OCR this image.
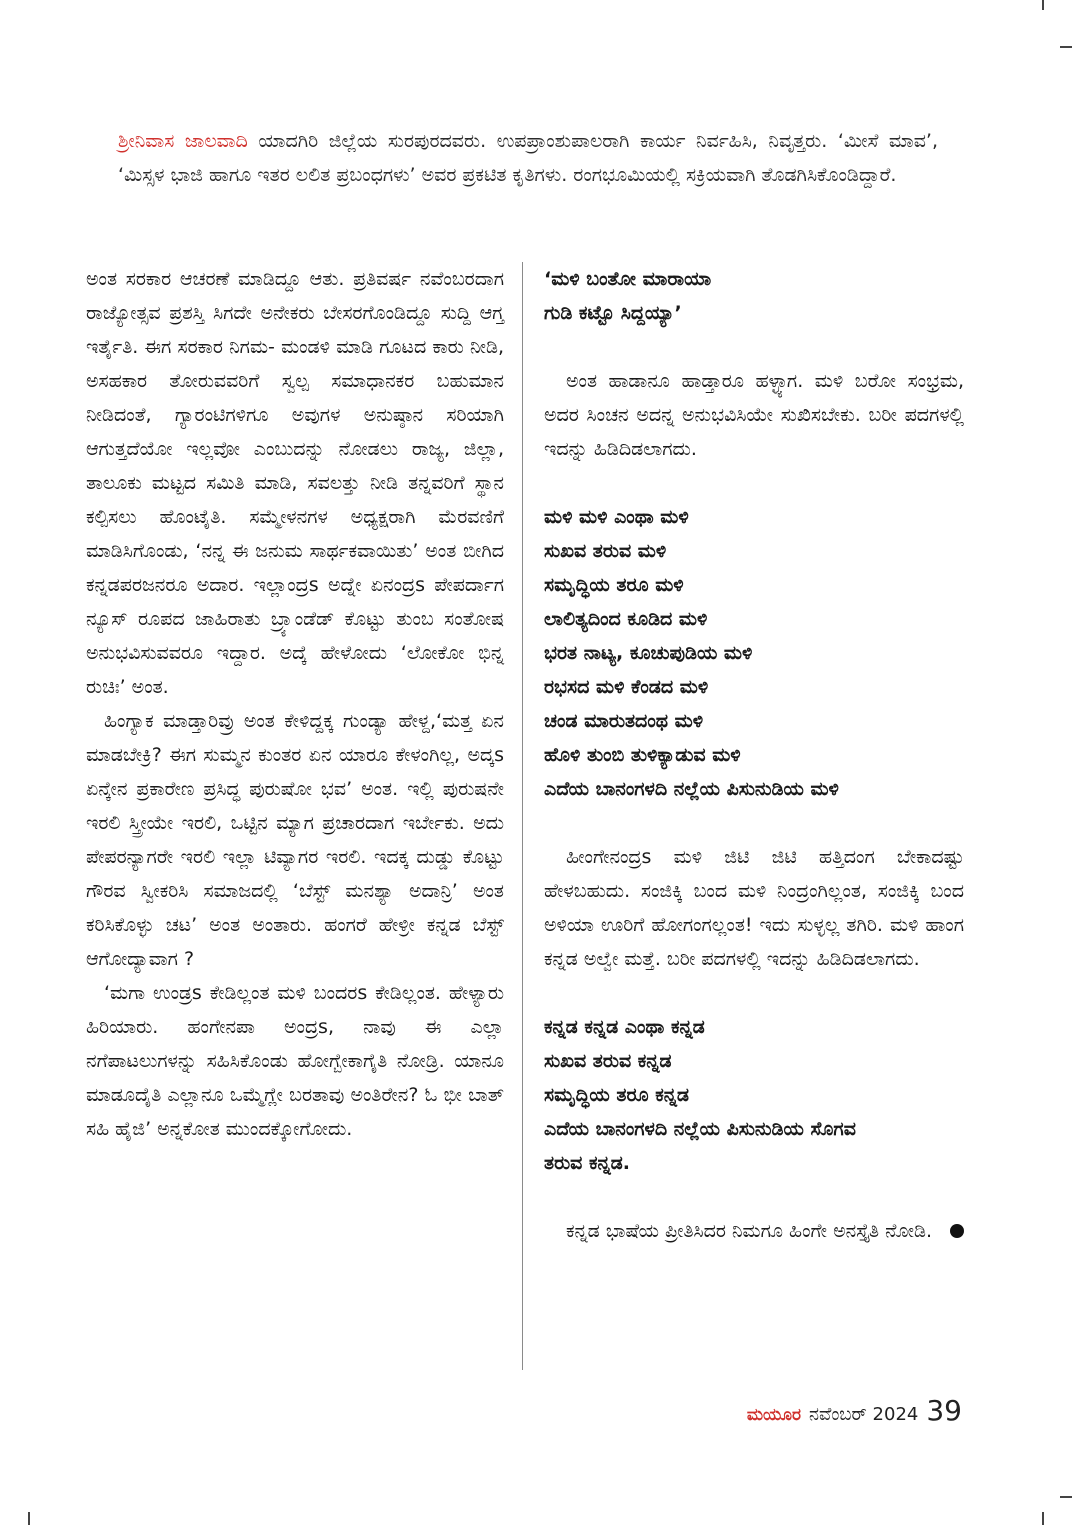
ಶ್ರೀನಿವಾಸ ಜಾಲವಾದಿ ಯಾದಗಿರಿ ಜಿಲ್ಲೆಯ ಸುರಪುರದವರು. ಉಪಪ್ರಾಂಶುಪಾಲರಾಗಿ ಕಾರ್ಯ ನಿರ್ವಹಿಸಿ, ನಿವೃತ್ತರು. ‘ಮೀಸೆ ಮಾವ’, ‘ಮಿಸ್ಸಳ ಭಾಜಿ ಹಾಗೂ ಇತರ ಲಲಿತ ಪ್ರಬಂಧಗಳು’ ಅವರ ಪ್ರಕಟಿತ ಕೃತಿಗಳು. ರಂಗಭೂಮಿಯಲ್ಲಿ ಸಕ್ರಿಯವಾಗಿ ತೊಡಗಿಸಿಕೊಂಡಿದ್ದಾರೆ.

ಅಂತ ಸರಕಾರ ಆಚರಣೆ ಮಾಡಿದ್ದೂ ಆತು. ಪ್ರತಿವರ್ಷ ನವೆಂಬರದಾಗ ರಾಜ್ಯೋತ್ಸವ ಪ್ರಶಸ್ತಿ ಸಿಗದೇ ಅನೇಕರು ಬೇಸರಗೊಂಡಿದ್ದೂ ಸುದ್ದಿ ಆಗ್ತ ಇರ್ತೈತಿ. ಈಗ ಸರಕಾರ ನಿಗಮ- ಮಂಡಳಿ ಮಾಡಿ ಗೂಟದ ಕಾರು ನೀಡಿ, ಅಸಹಕಾರ ತೋರುವವರಿಗೆ ಸ್ವಲ್ಪ ಸಮಾಧಾನಕರ ಬಹುಮಾನ ನೀಡಿದಂತೆ, ಗ್ಯಾರಂಟಿಗಳಿಗೂ ಅವುಗಳ ಅನುಷ್ಠಾನ ಸರಿಯಾಗಿ ಆಗುತ್ತದೆಯೋ ಇಲ್ಲವೋ ಎಂಬುದನ್ನು ನೋಡಲು ರಾಜ್ಯ, ಜಿಲ್ಲಾ, ತಾಲೂಕು ಮಟ್ಟದ ಸಮಿತಿ ಮಾಡಿ, ಸವಲತ್ತು ನೀಡಿ ತನ್ನವರಿಗೆ ಸ್ಥಾನ ಕಲ್ಪಿಸಲು ಹೊಂಟೈತಿ. ಸಮ್ಮೇಳನಗಳ ಅಧ್ಯಕ್ಷರಾಗಿ ಮೆರವಣಿಗೆ ಮಾಡಿಸಿಗೊಂಡು, ‘ನನ್ನ ಈ ಜನುಮ ಸಾರ್ಥಕವಾಯಿತು’ ಅಂತ ಬೀಗಿದ ಕನ್ನಡಪರಜನರೂ ಅದಾರ. ಇಲ್ಲಾಂದ್ರs ಅದ್ನೇ ಏನಂದ್ರs ಪೇಪರ್ದಾಗ ನ್ಯೂಸ್ ರೂಪದ ಜಾಹಿರಾತು ಬ್ರ್ಯಾಂಡೆಡ್ ಕೊಟ್ಟು ತುಂಬ ಸಂತೋಷ ಅನುಭವಿಸುವವರೂ ಇದ್ದಾರ. ಅದ್ಕೆ ಹೇಳೋದು ‘ಲೋಕೋ ಭಿನ್ನ ರುಚಿಃ’ ಅಂತ.

ಹಿಂಗ್ಯಾಕ ಮಾಡ್ತಾರಿವ್ರು ಅಂತ ಕೇಳಿದ್ದಕ್ಕ ಗುಂಡ್ಯಾ ಹೇಳ್ದ,‘ಮತ್ತ ಏನ ಮಾಡಬೇಕ್ರಿ? ಈಗ ಸುಮ್ಮನ ಕುಂತರ ಏನ ಯಾರೂ ಕೇಳಂಗಿಲ್ಲ, ಅದ್ಕs ಏನ್ಕೇನ ಪ್ರಕಾರೇಣ ಪ್ರಸಿದ್ಧ ಪುರುಷೋ ಭವ’ ಅಂತ. ಇಲ್ಲಿ ಪುರುಷನೇ ಇರಲಿ ಸ್ತ್ರೀಯೇ ಇರಲಿ, ಒಟ್ಟಿನ ಮ್ಯಾಗ ಪ್ರಚಾರದಾಗ ಇರ್ಬೇಕು. ಅದು ಪೇಪರನ್ಯಾಗರೇ ಇರಲಿ ಇಲ್ಲಾ ಟಿವ್ಯಾಗರ ಇರಲಿ. ಇದಕ್ಕ ದುಡ್ಡು ಕೊಟ್ಟು ಗೌರವ ಸ್ವೀಕರಿಸಿ ಸಮಾಜದಲ್ಲಿ ‘ಬೆಸ್ಟ್ ಮನಶ್ಯಾ ಅದಾನ್ರಿ’ ಅಂತ ಕರಿಸಿಕೊಳ್ಳು ಚಟ’ ಅಂತ ಅಂತಾರು. ಹಂಗರೆ ಹೇಳ್ರೀ ಕನ್ನಡ ಬೆಸ್ಟ್ ಆಗೋದ್ಯಾವಾಗ ?

‘ಮಗಾ ಉಂಡ್ರs ಕೇಡಿಲ್ಲಂತ ಮಳಿ ಬಂದರs ಕೇಡಿಲ್ಲಂತ. ಹೇಳ್ಯಾರು ಹಿರಿಯಾರು. ಹಂಗೇನಪಾ ಅಂದ್ರs, ನಾವು ಈ ಎಲ್ಲಾ ನಗೆಪಾಟಲುಗಳನ್ನು ಸಹಿಸಿಕೊಂಡು ಹೋಗ್ಬೇಕಾಗೈತಿ ನೋಡ್ರಿ. ಯಾನೂ ಮಾಡೂದೈತಿ ಎಲ್ಲಾನೂ ಒಮ್ಮೆಗ್ಲೇ ಬರತಾವು ಅಂತಿರೇನ? ಓ ಭೀ ಬಾತ್ ಸಹಿ ಹೈಜಿ’ ಅನ್ನಕೋತ ಮುಂದಕ್ಕೋಗೋದು.

‘ಮಳಿ ಬಂತೋ ಮಾರಾಯಾ
ಗುಡಿ ಕಟ್ಟೊ ಸಿದ್ದಯ್ಯಾ’
ಅಂತ ಹಾಡಾನೂ ಹಾಡ್ತಾರೂ ಹಳ್ಳ್ಯಾಗ. ಮಳಿ ಬರೋ ಸಂಭ್ರಮ, ಅದರ ಸಿಂಚನ ಅದನ್ನ ಅನುಭವಿಸಿಯೇ ಸುಖಿಸಬೇಕು. ಬರೀ ಪದಗಳಲ್ಲಿ ಇದನ್ನು ಹಿಡಿದಿಡಲಾಗದು.
ಮಳಿ ಮಳಿ ಎಂಥಾ ಮಳಿ
ಸುಖವ ತರುವ ಮಳಿ
ಸಮೃದ್ಧಿಯ ತರೂ ಮಳಿ
ಲಾಲಿತ್ಯದಿಂದ ಕೂಡಿದ ಮಳಿ
ಭರತ ನಾಟ್ಯ, ಕೂಚುಪುಡಿಯ ಮಳಿ
ರಭಸದ ಮಳಿ ಕೆಂಡದ ಮಳಿ
ಚಂಡ ಮಾರುತದಂಥ ಮಳಿ
ಹೊಳಿ ತುಂಬಿ ತುಳಿಕ್ಯಾಡುವ ಮಳಿ
ಎದೆಯ ಬಾನಂಗಳದಿ ನಲ್ಲೆಯ ಪಿಸುನುಡಿಯ ಮಳಿ
ಹೀಂಗೇನಂದ್ರs ಮಳಿ ಜಿಟಿ ಜಿಟಿ ಹತ್ತಿದಂಗ ಬೇಕಾದಷ್ಟು ಹೇಳಬಹುದು. ಸಂಜಿಕ್ಕಿ ಬಂದ ಮಳಿ ನಿಂದ್ರಂಗಿಲ್ಲಂತ, ಸಂಜಿಕ್ಕಿ ಬಂದ ಅಳಿಯಾ ಊರಿಗೆ ಹೋಗಂಗಲ್ಲಂತ! ಇದು ಸುಳ್ಳಲ್ಲ ತಗಿರಿ. ಮಳಿ ಹಾಂಗ ಕನ್ನಡ ಅಲ್ವೇ ಮತ್ತೆ. ಬರೀ ಪದಗಳಲ್ಲಿ ಇದನ್ನು ಹಿಡಿದಿಡಲಾಗದು.
ಕನ್ನಡ ಕನ್ನಡ ಎಂಥಾ ಕನ್ನಡ
ಸುಖವ ತರುವ ಕನ್ನಡ
ಸಮೃದ್ಧಿಯ ತರೂ ಕನ್ನಡ
ಎದೆಯ ಬಾನಂಗಳದಿ ನಲ್ಲೆಯ ಪಿಸುನುಡಿಯ ಸೊಗವ
ತರುವ ಕನ್ನಡ.
ಕನ್ನಡ ಭಾಷೆಯ ಪ್ರೀತಿಸಿದರ ನಿಮಗೂ ಹಿಂಗೇ ಅನಸ್ತೈತಿ ನೋಡಿ.
ಮಯೂರ ನವೆಂಬರ್ 2024 39
